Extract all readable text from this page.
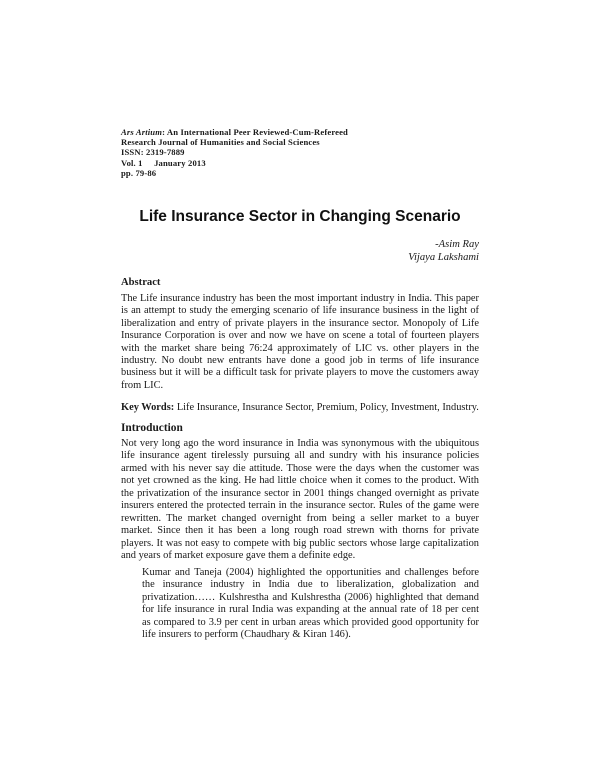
Ars Artium: An International Peer Reviewed-Cum-Refereed
Research Journal of Humanities and Social Sciences
ISSN: 2319-7889
Vol. 1     January 2013
pp. 79-86
Life Insurance Sector in Changing Scenario
-Asim Ray
Vijaya Lakshami
Abstract
The Life insurance industry has been the most important industry in India. This paper is an attempt to study the emerging scenario of life insurance business in the light of liberalization and entry of private players in the insurance sector. Monopoly of Life Insurance Corporation is over and now we have on scene a total of fourteen players with the market share being 76:24 approximately of LIC vs. other players in the industry. No doubt new entrants have done a good job in terms of life insurance business but it will be a difficult task for private players to move the customers away from LIC.
Key Words: Life Insurance, Insurance Sector, Premium, Policy, Investment, Industry.
Introduction
Not very long ago the word insurance in India was synonymous with the ubiquitous life insurance agent tirelessly pursuing all and sundry with his insurance policies armed with his never say die attitude. Those were the days when the customer was not yet crowned as the king. He had little choice when it comes to the product. With the privatization of the insurance sector in 2001 things changed overnight as private insurers entered the protected terrain in the insurance sector. Rules of the game were rewritten. The market changed overnight from being a seller market to a buyer market. Since then it has been a long rough road strewn with thorns for private players. It was not easy to compete with big public sectors whose large capitalization and years of market exposure gave them a definite edge.
Kumar and Taneja (2004) highlighted the opportunities and challenges before the insurance industry in India due to liberalization, globalization and privatization…… Kulshrestha and Kulshrestha (2006) highlighted that demand for life insurance in rural India was expanding at the annual rate of 18 per cent as compared to 3.9 per cent in urban areas which provided good opportunity for life insurers to perform (Chaudhary & Kiran 146).
